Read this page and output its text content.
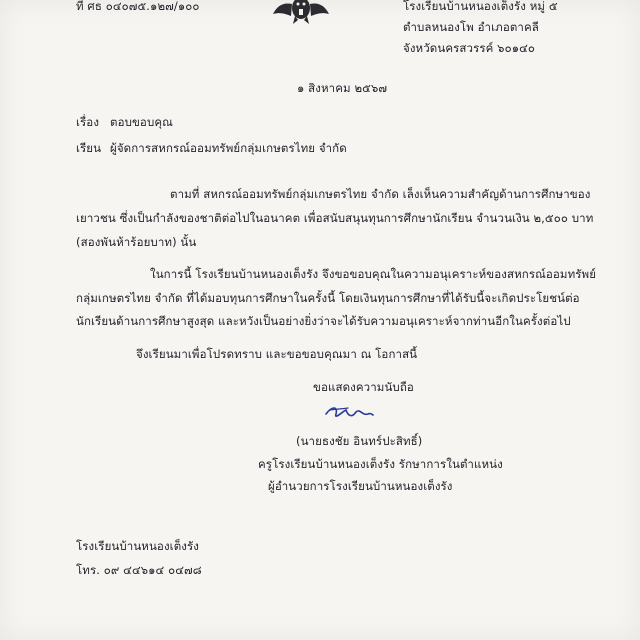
ที่ ศธ ๐๔๐๗๕.๑๒๗/๑๐๐	โรงเรียนบ้านหนองเต็งรัง หมู่ ๕
ตำบลหนองโพ อำเภอตาคลี
จังหวัดนครสวรรค์ ๖๐๑๔๐
๑ สิงหาคม ๒๕๖๗
เรื่อง ตอบขอบคุณ
เรียน ผู้จัดการสหกรณ์ออมทรัพย์กลุ่มเกษตรไทย จำกัด
ตามที่ สหกรณ์ออมทรัพย์กลุ่มเกษตรไทย จำกัด เล็งเห็นความสำคัญด้านการศึกษาของ
เยาวชน ซึ่งเป็นกำลังของชาติต่อไปในอนาคต เพื่อสนับสนุนทุนการศึกษานักเรียน จำนวนเงิน ๒,๕๐๐ บาท
(สองพันห้าร้อยบาท) นั้น
ในการนี้ โรงเรียนบ้านหนองเต็งรัง จึงขอขอบคุณในความอนุเคราะห์ของสหกรณ์ออมทรัพย์
กลุ่มเกษตรไทย จำกัด ที่ได้มอบทุนการศึกษาในครั้งนี้ โดยเงินทุนการศึกษาที่ได้รับนี้จะเกิดประโยชน์ต่อ
นักเรียนด้านการศึกษาสูงสุด และหวังเป็นอย่างยิ่งว่าจะได้รับความอนุเคราะห์จากท่านอีกในครั้งต่อไป
จึงเรียนมาเพื่อโปรดทราบ และขอขอบคุณมา ณ โอกาสนี้
ขอแสดงความนับถือ
(นายธงชัย อินทร์ปะสิทธิ์)
ครูโรงเรียนบ้านหนองเต็งรัง รักษาการในตำแหน่ง
ผู้อำนวยการโรงเรียนบ้านหนองเต็งรัง
โรงเรียนบ้านหนองเต็งรัง
โทร. ๐๙ ๔๔๖๑๔ ๐๔๗๘
